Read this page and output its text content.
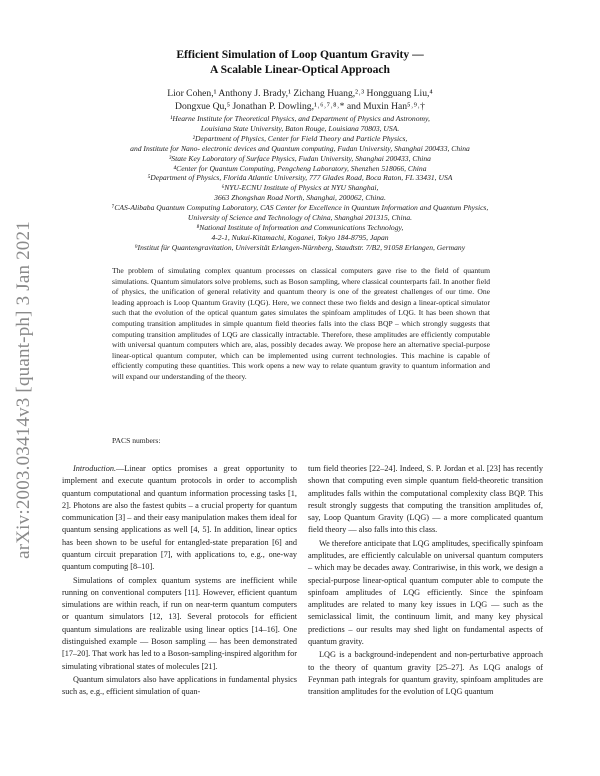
arXiv:2003.03414v3 [quant-ph] 3 Jan 2021
Efficient Simulation of Loop Quantum Gravity —
A Scalable Linear-Optical Approach
Lior Cohen,¹ Anthony J. Brady,¹ Zichang Huang,²˒³ Hongguang Liu,⁴
Dongxue Qu,⁵ Jonathan P. Dowling,¹˒⁶˒⁷˒⁸˒* and Muxin Han⁵˒⁹˒†
¹Hearne Institute for Theoretical Physics, and Department of Physics and Astronomy,
Louisiana State University, Baton Rouge, Louisiana 70803, USA.
²Department of Physics, Center for Field Theory and Particle Physics,
and Institute for Nano- electronic devices and Quantum computing, Fudan University, Shanghai 200433, China
³State Key Laboratory of Surface Physics, Fudan University, Shanghai 200433, China
⁴Center for Quantum Computing, Pengcheng Laboratory, Shenzhen 518066, China
⁵Department of Physics, Florida Atlantic University, 777 Glades Road, Boca Raton, FL 33431, USA
⁶NYU-ECNU Institute of Physics at NYU Shanghai,
3663 Zhongshan Road North, Shanghai, 200062, China.
⁷CAS-Alibaba Quantum Computing Laboratory, CAS Center for Excellence in Quantum Information and Quantum Physics,
University of Science and Technology of China, Shanghai 201315, China.
⁸National Institute of Information and Communications Technology,
4-2-1, Nukui-Kitamachi, Koganei, Tokyo 184-8795, Japan
⁹Institut für Quantengravitation, Universität Erlangen-Nürnberg, Staudtstr. 7/B2, 91058 Erlangen, Germany
The problem of simulating complex quantum processes on classical computers gave rise to the field of quantum simulations. Quantum simulators solve problems, such as Boson sampling, where classical counterparts fail. In another field of physics, the unification of general relativity and quantum theory is one of the greatest challenges of our time. One leading approach is Loop Quantum Gravity (LQG). Here, we connect these two fields and design a linear-optical simulator such that the evolution of the optical quantum gates simulates the spinfoam amplitudes of LQG. It has been shown that computing transition amplitudes in simple quantum field theories falls into the class BQP – which strongly suggests that computing transition amplitudes of LQG are classically intractable. Therefore, these amplitudes are efficiently computable with universal quantum computers which are, alas, possibly decades away. We propose here an alternative special-purpose linear-optical quantum computer, which can be implemented using current technologies. This machine is capable of efficiently computing these quantities. This work opens a new way to relate quantum gravity to quantum information and will expand our understanding of the theory.
PACS numbers:

Introduction.—Linear optics promises a great opportunity to implement and execute quantum protocols in order to accomplish quantum computational and quantum information processing tasks [1, 2]. Photons are also the fastest qubits – a crucial property for quantum communication [3] – and their easy manipulation makes them ideal for quantum sensing applications as well [4, 5]. In addition, linear optics has been shown to be useful for entangled-state preparation [6] and quantum circuit preparation [7], with applications to, e.g., one-way quantum computing [8–10].

Simulations of complex quantum systems are inefficient while running on conventional computers [11]. However, efficient quantum simulations are within reach, if run on near-term quantum computers or quantum simulators [12, 13]. Several protocols for efficient quantum simulations are realizable using linear optics [14–16]. One distinguished example — Boson sampling — has been demonstrated [17–20]. That work has led to a Boson-sampling-inspired algorithm for simulating vibrational states of molecules [21].

Quantum simulators also have applications in fundamental physics such as, e.g., efficient simulation of quan-

tum field theories [22–24]. Indeed, S. P. Jordan et al. [23] has recently shown that computing even simple quantum field-theoretic transition amplitudes falls within the computational complexity class BQP. This result strongly suggests that computing the transition amplitudes of, say, Loop Quantum Gravity (LQG) — a more complicated quantum field theory — also falls into this class.

We therefore anticipate that LQG amplitudes, specifically spinfoam amplitudes, are efficiently calculable on universal quantum computers – which may be decades away. Contrariwise, in this work, we design a special-purpose linear-optical quantum computer able to compute the spinfoam amplitudes of LQG efficiently. Since the spinfoam amplitudes are related to many key issues in LQG — such as the semiclassical limit, the continuum limit, and many key physical predictions – our results may shed light on fundamental aspects of quantum gravity.

LQG is a background-independent and non-perturbative approach to the theory of quantum gravity [25–27]. As LQG analogs of Feynman path integrals for quantum gravity, spinfoam amplitudes are transition amplitudes for the evolution of LQG quantum
